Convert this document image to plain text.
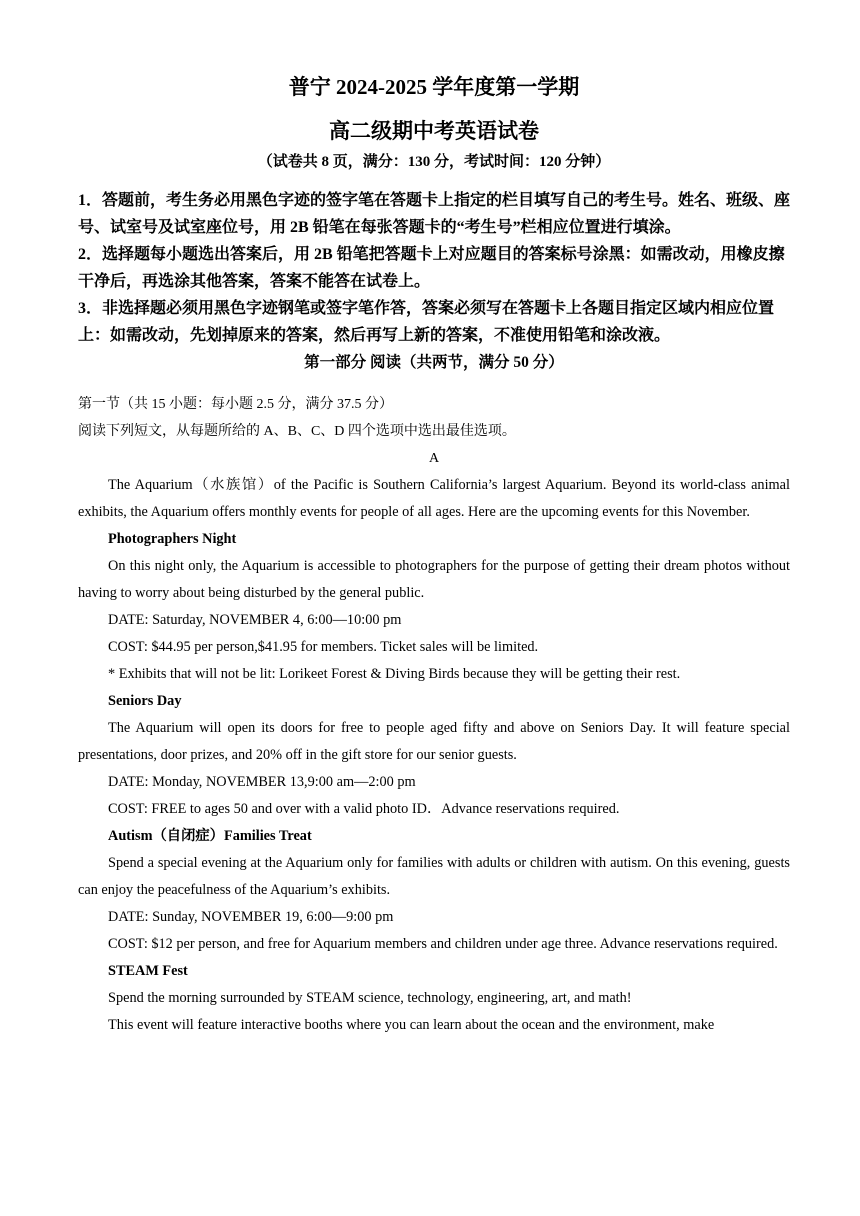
普宁 2024-2025 学年度第一学期

高二级期中考英语试卷

（试卷共 8 页，满分：130 分，考试时间：120 分钟）

1．答题前，考生务必用黑色字迹的签字笔在答题卡上指定的栏目填写自己的考生号。姓名、班级、座号、试室号及试室座位号，用 2B 铅笔在每张答题卡的“考生号”栏相应位置进行填涂。

2．选择题每小题选出答案后，用 2B 铅笔把答题卡上对应题目的答案标号涂黑：如需改动，用橡皮擦干净后，再选涂其他答案，答案不能答在试卷上。

3．非选择题必须用黑色字迹钢笔或签字笔作答，答案必须写在答题卡上各题目指定区域内相应位置上：如需改动，先划掉原来的答案，然后再写上新的答案，不准使用铅笔和涂改液。

第一部分 阅读（共两节，满分 50 分）

第一节（共 15 小题：每小题 2.5 分，满分 37.5 分）

阅读下列短文，从每题所给的 A、B、C、D 四个选项中选出最佳选项。

A

The Aquarium（水族馆）of the Pacific is Southern California’s largest Aquarium. Beyond its world-class animal exhibits, the Aquarium offers monthly events for people of all ages. Here are the upcoming events for this November.

Photographers Night

On this night only, the Aquarium is accessible to photographers for the purpose of getting their dream photos without having to worry about being disturbed by the general public.

DATE: Saturday, NOVEMBER 4, 6:00—10:00 pm

COST: $44.95 per person,$41.95 for members. Ticket sales will be limited.

* Exhibits that will not be lit: Lorikeet Forest & Diving Birds because they will be getting their rest.

Seniors Day

The Aquarium will open its doors for free to people aged fifty and above on Seniors Day. It will feature special presentations, door prizes, and 20% off in the gift store for our senior guests.

DATE: Monday, NOVEMBER 13,9:00 am—2:00 pm

COST: FREE to ages 50 and over with a valid photo ID．Advance reservations required.

Autism（自闭症）Families Treat

Spend a special evening at the Aquarium only for families with adults or children with autism. On this evening, guests can enjoy the peacefulness of the Aquarium’s exhibits.

DATE: Sunday, NOVEMBER 19, 6:00—9:00 pm

COST: $12 per person, and free for Aquarium members and children under age three. Advance reservations required.

STEAM Fest

Spend the morning surrounded by STEAM science, technology, engineering, art, and math!

This event will feature interactive booths where you can learn about the ocean and the environment, make
